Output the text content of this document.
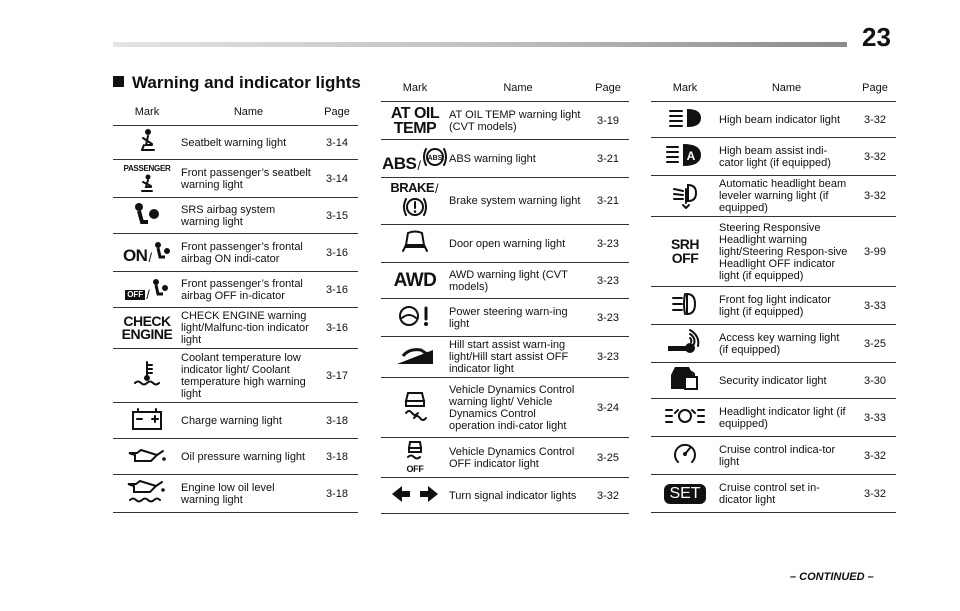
23
Warning and indicator lights
Mark	Name	Page
	Seatbelt warning light	3-14
PASSENGER	Front passenger’s seatbelt warning light	3-14
	SRS airbag system warning light	3-15
ON/	Front passenger’s frontal airbag ON indi-cator	3-16
OFF /	Front passenger’s frontal airbag OFF in-dicator	3-16
CHECK
ENGINE	CHECK ENGINE warning light/Malfunc-tion indicator light	3-16
	Coolant temperature low indicator light/ Coolant temperature high warning light	3-17
	Charge warning light	3-18
	Oil pressure warning light	3-18
	Engine low oil level warning light	3-18
Mark	Name	Page
AT OIL
TEMP	AT OIL TEMP warning light (CVT models)	3-19
ABS/ ABS	ABS warning light	3-21
BRAKE/	Brake system warning light	3-21
	Door open warning light	3-23
AWD	AWD warning light (CVT models)	3-23
	Power steering warn-ing light	3-23
	Hill start assist warn-ing light/Hill start assist OFF indicator light	3-23
	Vehicle Dynamics Control warning light/ Vehicle Dynamics Control operation indi-cator light	3-24

OFF	Vehicle Dynamics Control OFF indicator light	3-25
	Turn signal indicator lights	3-32
Mark	Name	Page
	High beam indicator light	3-32

A	High beam assist indi-cator light (if equipped)	3-32
	Automatic headlight beam leveler warning light (if equipped)	3-32
SRH
OFF	Steering Responsive Headlight warning light/Steering Respon-sive Headlight OFF indicator light (if equipped)	3-99
	Front fog light indicator light (if equipped)	3-33
	Access key warning light (if equipped)	3-25
	Security indicator light	3-30
	Headlight indicator light (if equipped)	3-33
	Cruise control indica-tor light	3-32
SET	Cruise control set in-dicator light	3-32
– CONTINUED –
